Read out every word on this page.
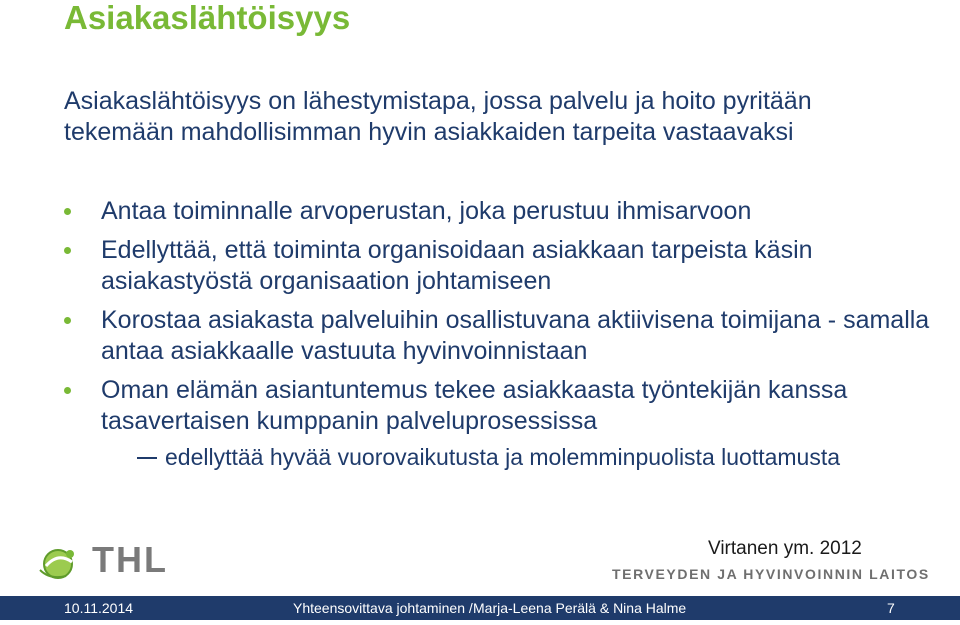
Asiakaslähtöisyys
Asiakaslähtöisyys on lähestymistapa, jossa palvelu ja hoito pyritään tekemään mahdollisimman hyvin asiakkaiden tarpeita vastaavaksi
Antaa toiminnalle arvoperustan, joka perustuu ihmisarvoon
Edellyttää, että toiminta organisoidaan asiakkaan tarpeista käsin asiakastyöstä organisaation johtamiseen
Korostaa asiakasta palveluihin osallistuvana aktiivisena toimijana - samalla antaa asiakkaalle vastuuta hyvinvoinnistaan
Oman elämän asiantuntemus tekee asiakkaasta työntekijän kanssa tasavertaisen kumppanin palveluprosessissa
edellyttää hyvää vuorovaikutusta ja molemminpuolista luottamusta
Virtanen ym. 2012
THL	TERVEYDEN JA HYVINVOINNIN LAITOS
10.11.2014	Yhteensovittava johtaminen / Marja-Leena Perälä & Nina Halme	7
